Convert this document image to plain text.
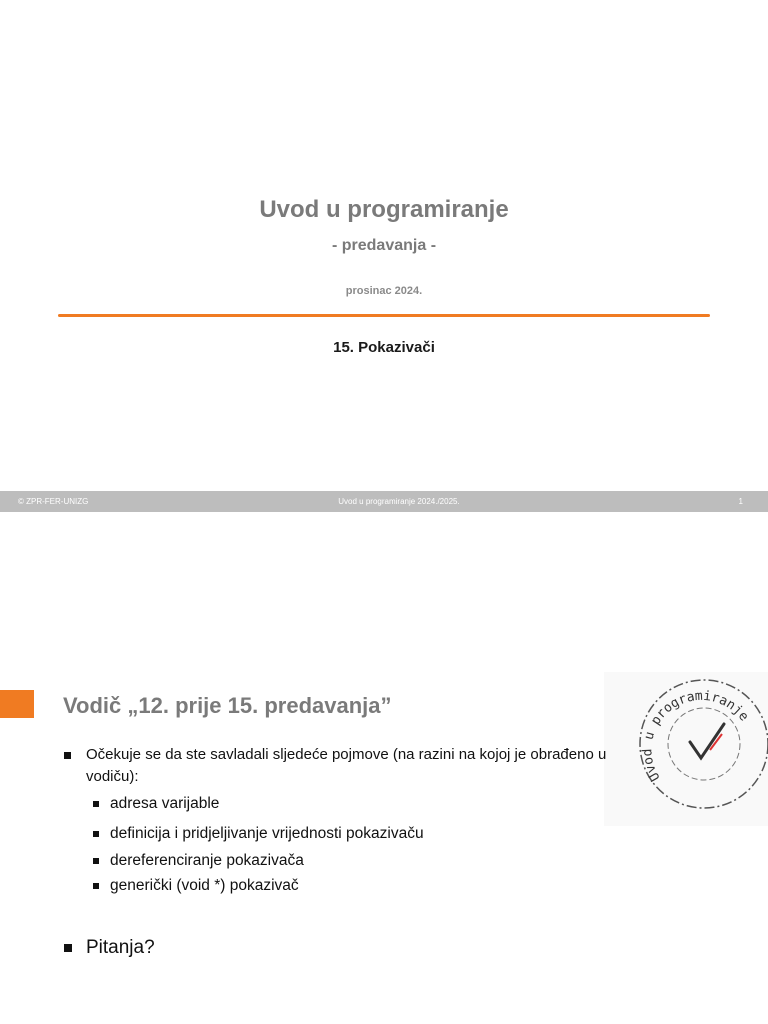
Uvod u programiranje
- predavanja -
prosinac 2024.
15. Pokazivači
© ZPR-FER-UNIZG	Uvod u programiranje 2024./2025.	1
Vodič „12. prije 15. predavanja”
Uvod u programiranje
Očekuje se da ste savladali sljedeće pojmove (na razini na kojoj je obrađeno u
vodiču):
adresa varijable
definicija i pridjeljivanje vrijednosti pokazivaču
dereferenciranje pokazivača
generički (void *) pokazivač
Pitanja?
